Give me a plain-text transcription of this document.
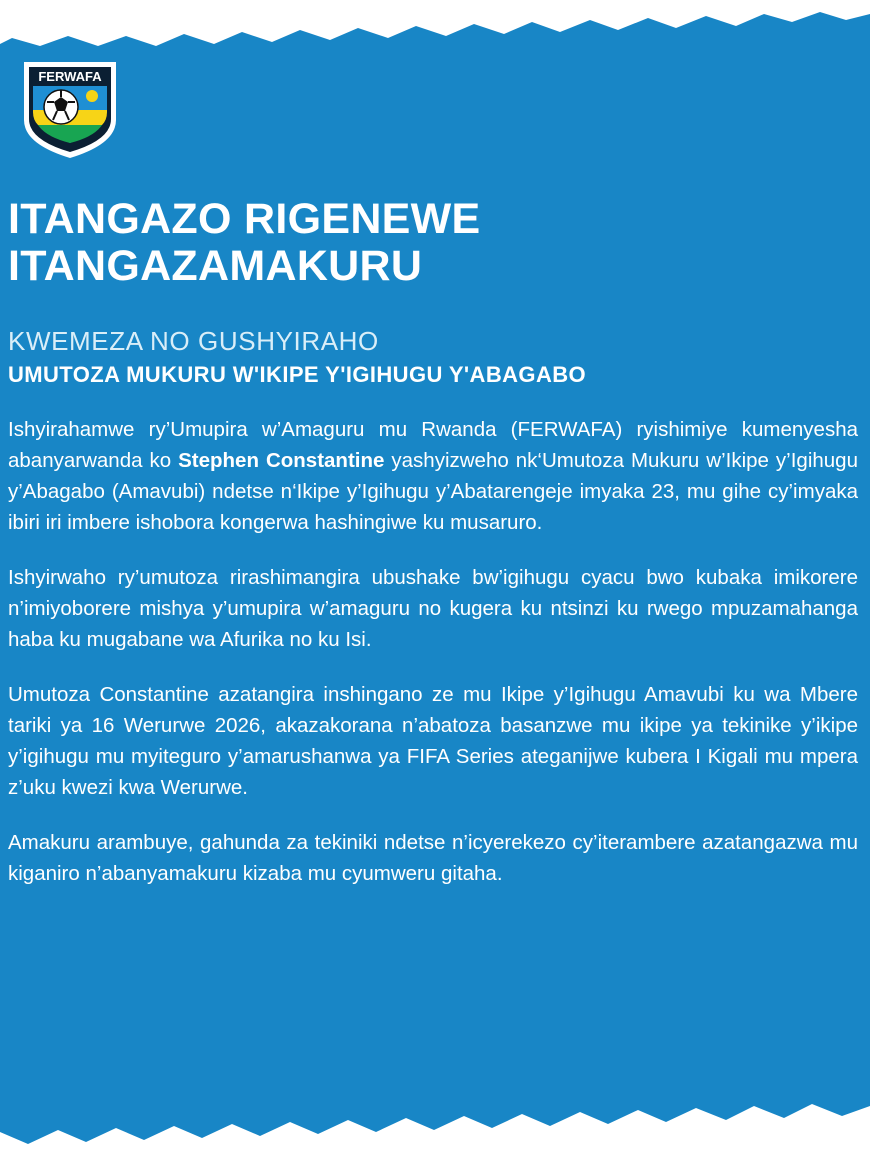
FERWAFA
ITANGAZO RIGENEWE
ITANGAZAMAKURU
KWEMEZA NO GUSHYIRAHO
UMUTOZA MUKURU W'IKIPE Y'IGIHUGU Y'ABAGABO

Ishyirahamwe ry’Umupira w’Amaguru mu Rwanda (FERWAFA) ryishimiye kumenyesha abanyarwanda ko Stephen Constantine yashyizweho nk‘Umutoza Mukuru w’Ikipe y’Igihugu y’Abagabo (Amavubi) ndetse n‘Ikipe y’Igihugu y’Abatarengeje imyaka 23, mu gihe cy’imyaka ibiri iri imbere ishobora kongerwa hashingiwe ku musaruro.

Ishyirwaho ry’umutoza rirashimangira ubushake bw’igihugu cyacu bwo kubaka imikorere n’imiyoborere mishya y’umupira w’amaguru no kugera ku ntsinzi ku rwego mpuzamahanga haba ku mugabane wa Afurika no ku Isi.

Umutoza Constantine azatangira inshingano ze mu Ikipe y’Igihugu Amavubi ku wa Mbere tariki ya 16 Werurwe 2026, akazakorana n’abatoza basanzwe mu ikipe ya tekinike y’ikipe y’igihugu mu myiteguro y’amarushanwa ya FIFA Series ateganijwe kubera I Kigali mu mpera z’uku kwezi kwa Werurwe.

Amakuru arambuye, gahunda za tekiniki ndetse n’icyerekezo cy’iterambere azatangazwa mu kiganiro n’abanyamakuru kizaba mu cyumweru gitaha.
